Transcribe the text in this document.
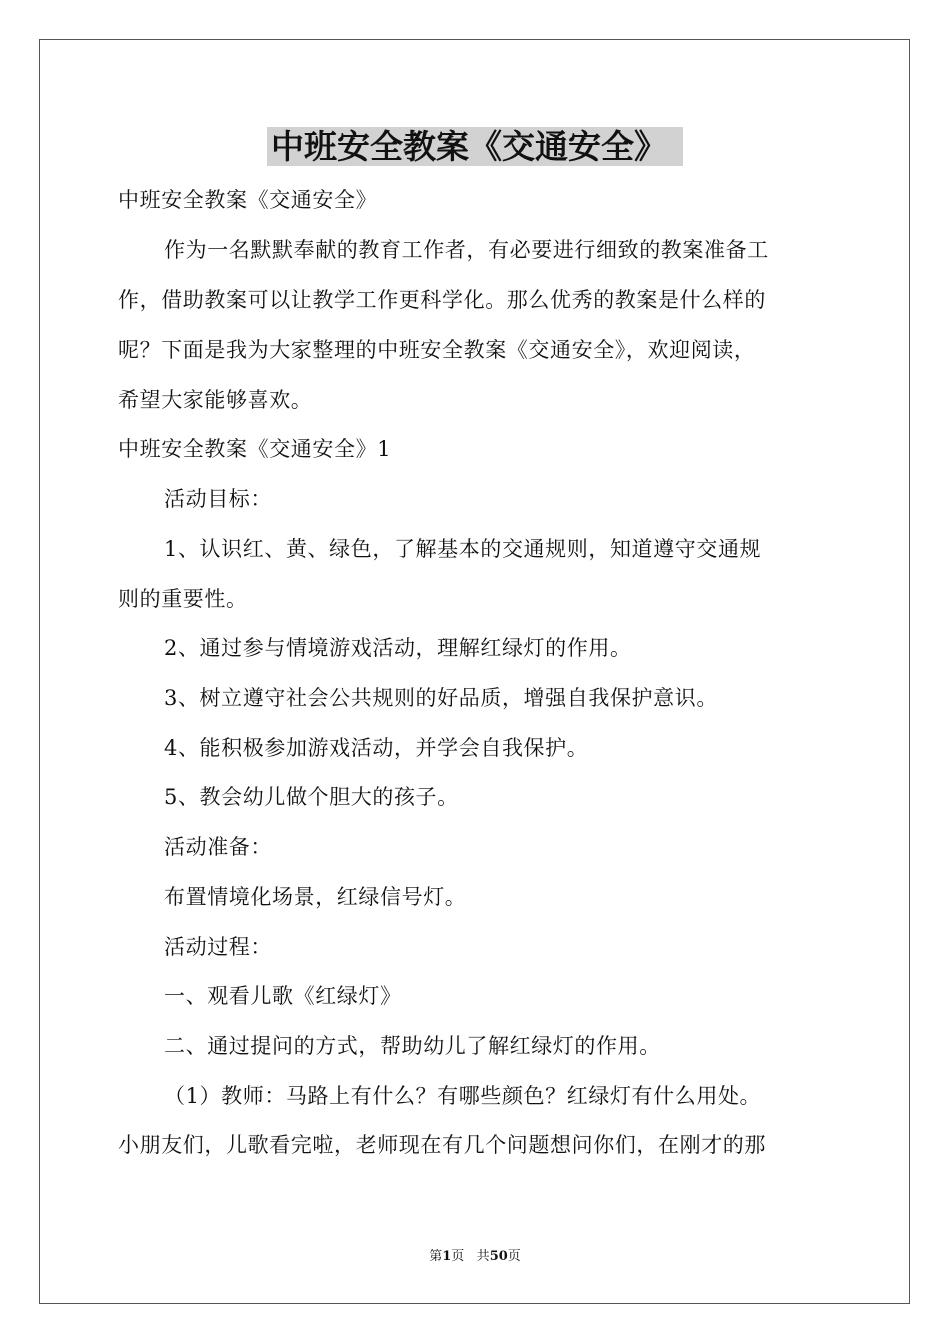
中班安全教案《交通安全》
中班安全教案《交通安全》
作为一名默默奉献的教育工作者，有必要进行细致的教案准备工
作，借助教案可以让教学工作更科学化。那么优秀的教案是什么样的
呢？下面是我为大家整理的中班安全教案《交通安全》，欢迎阅读，
希望大家能够喜欢。
中班安全教案《交通安全》1
活动目标：
1、认识红、黄、绿色，了解基本的交通规则，知道遵守交通规
则的重要性。
2、通过参与情境游戏活动，理解红绿灯的作用。
3、树立遵守社会公共规则的好品质，增强自我保护意识。
4、能积极参加游戏活动，并学会自我保护。
5、教会幼儿做个胆大的孩子。
活动准备：
布置情境化场景，红绿信号灯。
活动过程：
一、观看儿歌《红绿灯》
二、通过提问的方式，帮助幼儿了解红绿灯的作用。
（1）教师：马路上有什么？有哪些颜色？红绿灯有什么用处。
小朋友们，儿歌看完啦，老师现在有几个问题想问你们，在刚才的那
第1页 共50页
